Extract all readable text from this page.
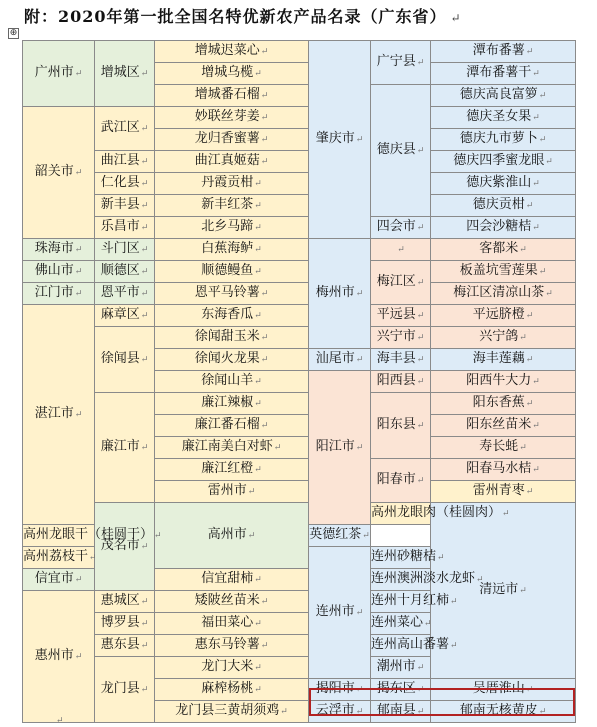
附：2020年第一批全国名特优新农产品名录（广东省） ↵
⊕
广州市↵	增城区↵	增城迟菜心↵	肇庆市↵	广宁县↵	潭布番薯↵	
		增城乌榄↵			潭布番薯干↵	
		增城番石榴↵		德庆县↵	德庆高良富箩↵	
韶关市↵	武江区↵	妙联丝芽姜↵			德庆圣女果↵	
		龙归香蜜薯↵			德庆九市萝卜↵	
	曲江县↵	曲江真姬菇↵			德庆四季蜜龙眼↵	
	仁化县↵	丹霞贡柑↵			德庆紫淮山↵	
	新丰县↵	新丰红茶↵			德庆贡柑↵	
	乐昌市↵	北乡马蹄↵		四会市↵	四会沙糖桔↵	
珠海市↵	斗门区↵	白蕉海鲈↵	梅州市↵	↵	客都米↵	
佛山市↵	顺德区↵	顺德鳗鱼↵		梅江区↵	板盖坑雪莲果↵	
江门市↵	恩平市↵	恩平马铃薯↵			梅江区清凉山茶↵	
湛江市↵	麻章区↵	东海香瓜↵		平远县↵	平远脐橙↵	
	徐闻县↵	徐闻甜玉米↵		兴宁市↵	兴宁鸽↵	
		徐闻火龙果↵	汕尾市↵	海丰县↵	海丰莲藕↵	
		徐闻山羊↵	阳江市↵	阳西县↵	阳西牛大力↵	
	廉江市↵	廉江辣椒↵		阳东县↵	阳东香蕉↵	
		廉江番石榴↵			阳东丝苗米↵	
		廉江南美白对虾↵			寿长蚝↵	
		廉江红橙↵		阳春市↵	阳春马水桔↵	
		雷州市↵			雷州青枣↵	
	茂名市↵	高州市↵		高州龙眼肉（桂圆肉）↵	清远市↵		
高州龙眼干（桂圆干）↵			英德红茶↵			
高州荔枝干↵			连州市↵	连州砂糖桔↵		
信宜市↵		信宜甜柿↵		连州澳洲淡水龙虾↵		
惠州市↵	惠城区↵	矮陂丝苗米↵		连州十月红柿↵		
	博罗县↵	福田菜心↵		连州菜心↵		
	惠东县↵	惠东马铃薯↵		连州高山番薯↵		
	龙门县↵	龙门大米↵		潮州市↵		
		麻榨杨桃↵	揭阳市↵	揭东区↵	吴厝淮山↵	
		龙门县三黄胡须鸡↵	云浮市↵	郁南县↵	郁南无核黄皮↵	
↵
